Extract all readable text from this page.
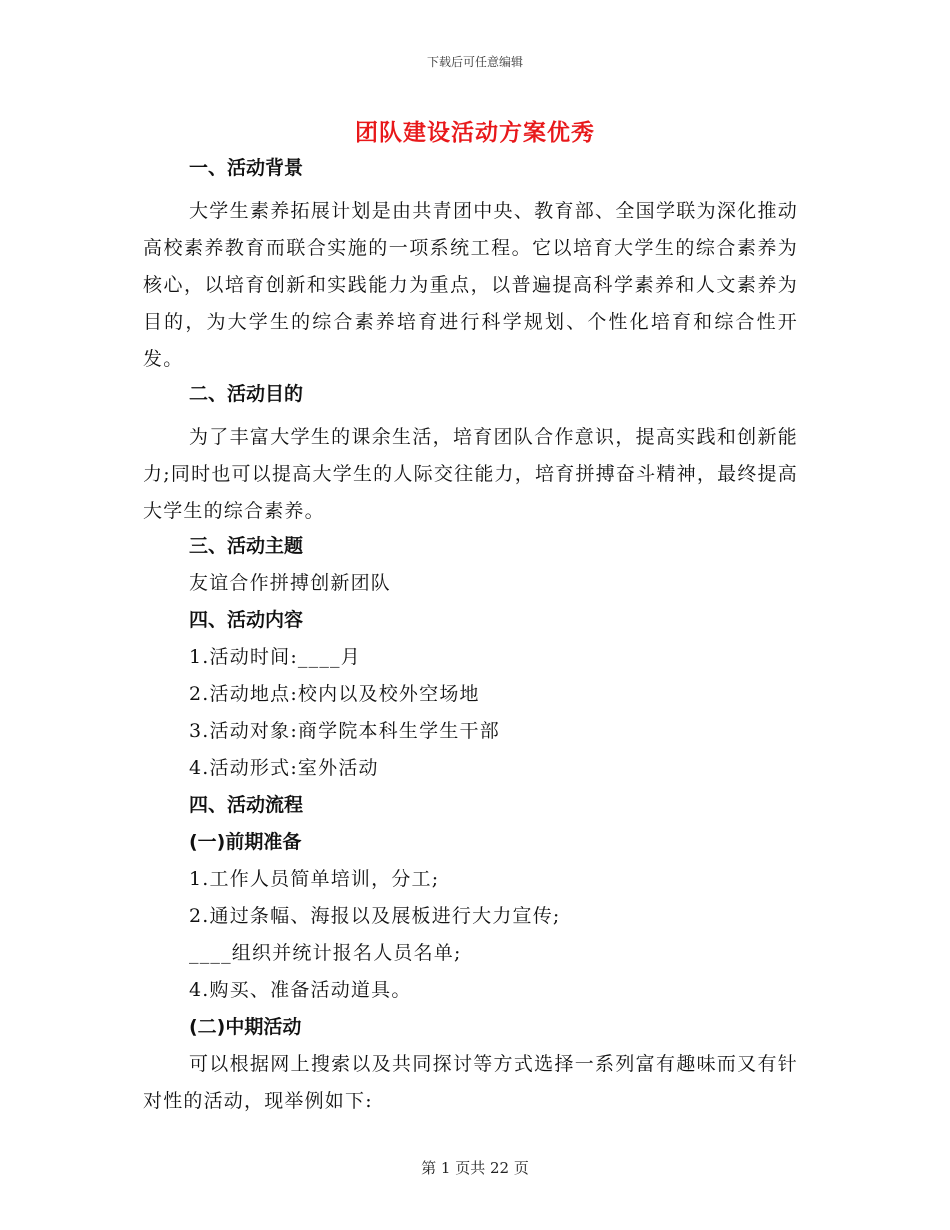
下载后可任意编辑
团队建设活动方案优秀
一、活动背景
大学生素养拓展计划是由共青团中央、教育部、全国学联为深化推动高校素养教育而联合实施的一项系统工程。它以培育大学生的综合素养为核心，以培育创新和实践能力为重点，以普遍提高科学素养和人文素养为目的，为大学生的综合素养培育进行科学规划、个性化培育和综合性开发。
二、活动目的
为了丰富大学生的课余生活，培育团队合作意识，提高实践和创新能力;同时也可以提高大学生的人际交往能力，培育拼搏奋斗精神，最终提高大学生的综合素养。
三、活动主题
友谊合作拼搏创新团队
四、活动内容
1.活动时间:____月
2.活动地点:校内以及校外空场地
3.活动对象:商学院本科生学生干部
4.活动形式:室外活动
四、活动流程
(一)前期准备
1.工作人员简单培训，分工;
2.通过条幅、海报以及展板进行大力宣传;
____组织并统计报名人员名单;
4.购买、准备活动道具。
(二)中期活动
可以根据网上搜索以及共同探讨等方式选择一系列富有趣味而又有针对性的活动，现举例如下:
第 1 页共 22 页
